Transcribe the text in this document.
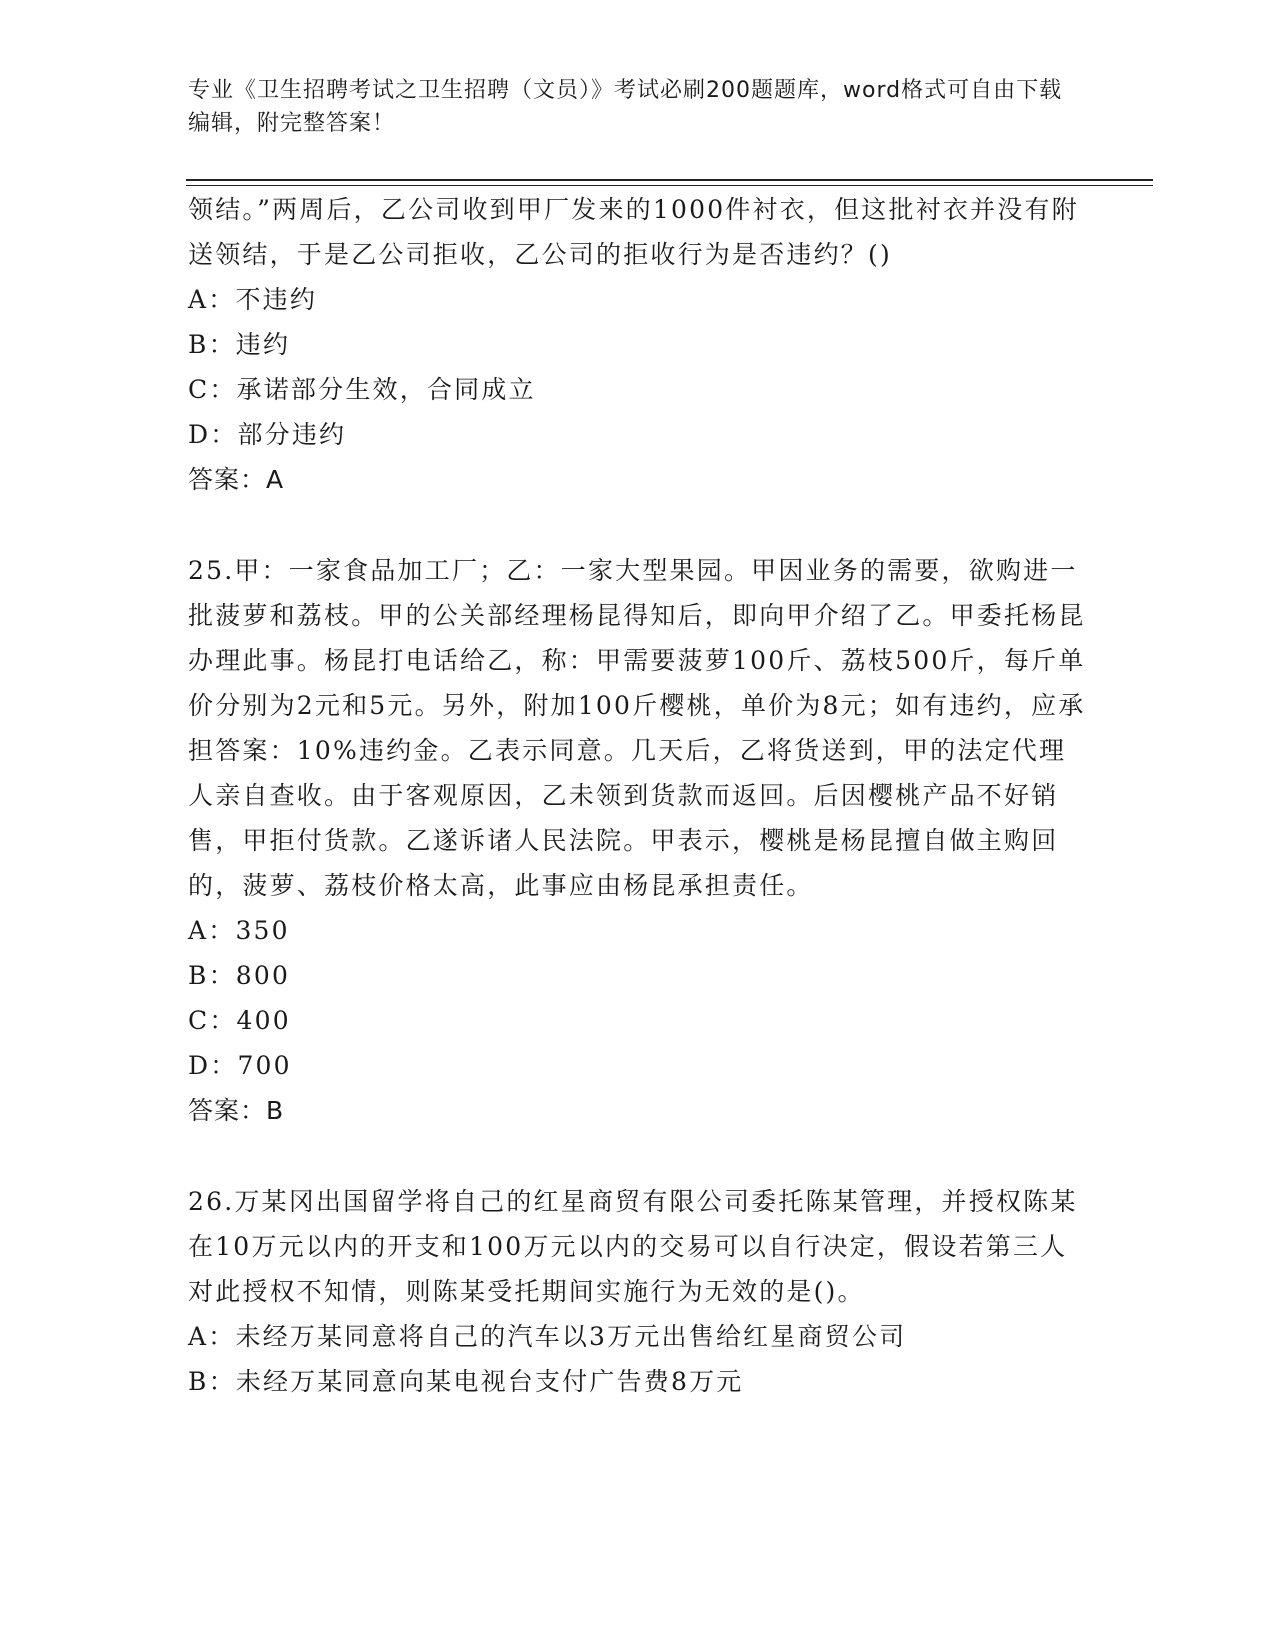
专业《卫生招聘考试之卫生招聘（文员）》考试必刷200题题库，word格式可自由下载编辑，附完整答案！

领结。”两周后，乙公司收到甲厂发来的1000件衬衣，但这批衬衣并没有附送领结，于是乙公司拒收，乙公司的拒收行为是否违约？()

A：不违约

B：违约

C：承诺部分生效，合同成立

D：部分违约

答案：A

25.甲：一家食品加工厂；乙：一家大型果园。甲因业务的需要，欲购进一批菠萝和荔枝。甲的公关部经理杨昆得知后，即向甲介绍了乙。甲委托杨昆办理此事。杨昆打电话给乙，称：甲需要菠萝100斤、荔枝500斤，每斤单价分别为2元和5元。另外，附加100斤樱桃，单价为8元；如有违约，应承担答案：10%违约金。乙表示同意。几天后，乙将货送到，甲的法定代理人亲自查收。由于客观原因，乙未领到货款而返回。后因樱桃产品不好销售，甲拒付货款。乙遂诉诸人民法院。甲表示，樱桃是杨昆擅自做主购回的，菠萝、荔枝价格太高，此事应由杨昆承担责任。

A：350

B：800

C：400

D：700

答案：B

26.万某冈出国留学将自己的红星商贸有限公司委托陈某管理，并授权陈某在10万元以内的开支和100万元以内的交易可以自行决定，假设若第三人对此授权不知情，则陈某受托期间实施行为无效的是()。

A：未经万某同意将自己的汽车以3万元出售给红星商贸公司

B：未经万某同意向某电视台支付广告费8万元
